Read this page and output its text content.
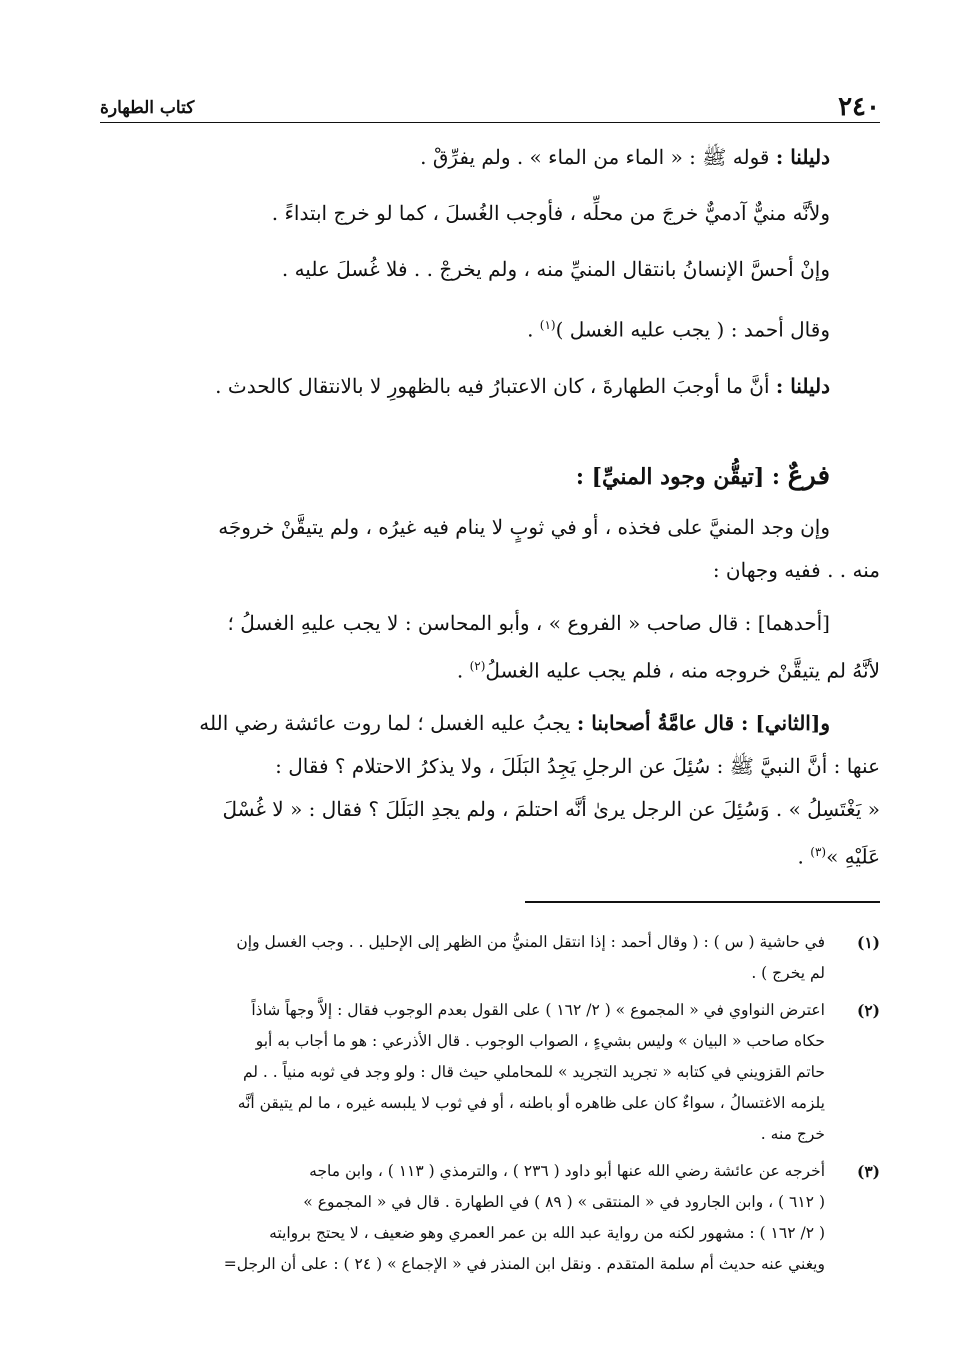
٢٤٠
كتاب الطهارة
دليلنا : قوله ﷺ : « الماء من الماء » . ولم يفرِّقْ .
ولأنَّه منيٌّ آدميٌّ خرجَ من محلِّه ، فأوجب الغُسلَ ، كما لو خرج ابتداءً .
وإنْ أحسَّ الإنسانُ بانتقال المنيِّ منه ، ولم يخرجْ . . فلا غُسلَ عليه .
وقال أحمد : ( يجب عليه الغسل )$^{(١)}$ .
دليلنا : أنَّ ما أوجبَ الطهارةَ ، كان الاعتبارُ فيه بالظهورِ لا بالانتقال كالحدث .
فرعٌ : [تيقُّن وجود المنيِّ] :

وإن وجد المنيَّ على فخذه ، أو في ثوبٍ لا ينام فيه غيرُه ، ولم يتيقَّنْ خروجَه

منه . . ففيه وجهان :

[أحدهما] : قال صاحب « الفروع » ، وأبو المحاسن : لا يجب عليهِ الغسلُ ؛

لأنَّهُ لم يتيقَّنْ خروجه منه ، فلم يجب عليه الغسلُ$^{(٢)}$ .

و[الثاني] : قال عامَّةُ أصحابنا : يجبُ عليه الغسل ؛ لما روت عائشة رضي الله

عنها : أنَّ النبيَّ ﷺ : سُئِلَ عن الرجلِ يَجِدُ البَلَلَ ، ولا يذكرُ الاحتلام ؟ فقال :

« يَغْتَسِلُ » . وَسُئِلَ عن الرجل يرىٰ أنَّه احتلمَ ، ولم يجدِ البَلَلَ ؟ فقال : « لا غُسْلَ

عَلَيْهِ »$^{(٣)}$ .

(١)

في حاشية ( س ) : ( وقال أحمد : إذا انتقل المنيُّ من الظهر إلى الإحليل . . وجب الغسل وإن

لم يخرج ) .

(٢)

اعترض النواوي في « المجموع » ( ٢/ ١٦٢ ) على القول بعدم الوجوب فقال : إلاَّ وجهاً شاذاً

حكاه صاحب « البيان » وليس بشيءٍ ، الصواب الوجوب . قال الأذرعي : هو ما أجاب به أبو

حاتم القزويني في كتابه « تجريد التجريد » للمحاملي حيث قال : ولو وجد في ثوبه منياً . . لم

يلزمه الاغتسالُ ، سواءٌ كان على ظاهره أو باطنه ، أو في ثوب لا يلبسه غيره ، ما لم يتيقن أنَّه

خرج منه .

(٣)

أخرجه عن عائشة رضي الله عنها أبو داود ( ٢٣٦ ) ، والترمذي ( ١١٣ ) ، وابن ماجه

( ٦١٢ ) ، وابن الجارود في « المنتقى » ( ٨٩ ) في الطهارة . قال في « المجموع »

( ٢/ ١٦٢ ) : مشهور لكنه من رواية عبد الله بن عمر العمري وهو ضعيف ، لا يحتج بروايته

ويغني عنه حديث أم سلمة المتقدم . ونقل ابن المنذر في « الإجماع » ( ٢٤ ) : على أن الرجل=
